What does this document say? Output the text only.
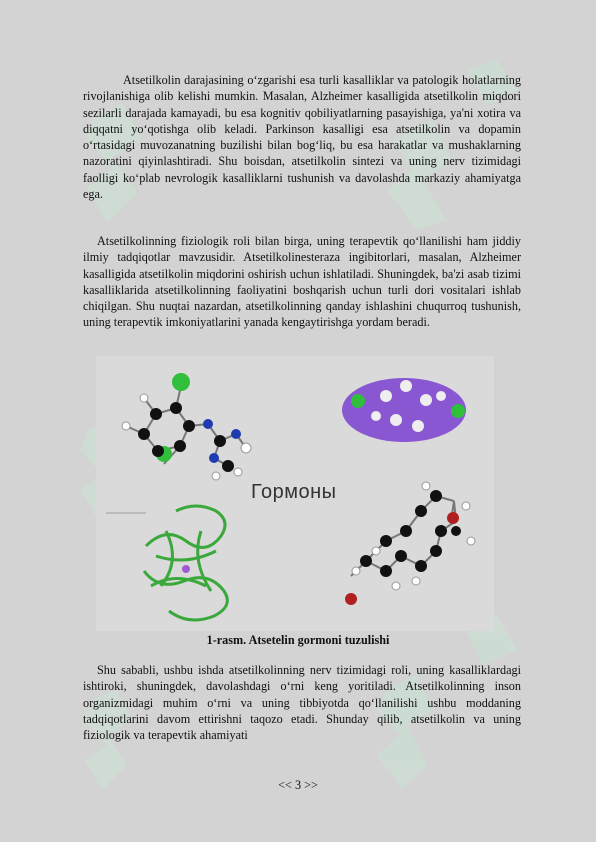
Atsetilkolin darajasining o‘zgarishi esa turli kasalliklar va patologik holatlarning rivojlanishiga olib kelishi mumkin. Masalan, Alzheimer kasalligida atsetilkolin miqdori sezilarli darajada kamayadi, bu esa kognitiv qobiliyatlarning pasayishiga, ya'ni xotira va diqqatni yo‘qotishga olib keladi. Parkinson kasalligi esa atsetilkolin va dopamin o‘rtasidagi muvozanatning buzilishi bilan bog‘liq, bu esa harakatlar va mushaklarning nazoratini qiyinlashtiradi. Shu boisdan, atsetilkolin sintezi va uning nerv tizimidagi faolligi ko‘plab nevrologik kasalliklarni tushunish va davolashda markaziy ahamiyatga ega.

Atsetilkolinning fiziologik roli bilan birga, uning terapevtik qo‘llanilishi ham jiddiy ilmiy tadqiqotlar mavzusidir. Atsetilkolinesteraza ingibitorlari, masalan, Alzheimer kasalligida atsetilkolin miqdorini oshirish uchun ishlatiladi. Shuningdek, ba'zi asab tizimi kasalliklarida atsetilkolinning faoliyatini boshqarish uchun turli dori vositalari ishlab chiqilgan. Shu nuqtai nazardan, atsetilkolinning qanday ishlashini chuqurroq tushunish, uning terapevtik imkoniyatlarini yanada kengaytirishga yordam beradi.

Гормоны
1-rasm. Atsetelin gormoni tuzulishi

Shu sababli, ushbu ishda atsetilkolinning nerv tizimidagi roli, uning kasalliklardagi ishtiroki, shuningdek, davolashdagi o‘rni keng yoritiladi. Atsetilkolinning inson organizmidagi muhim o‘rni va uning tibbiyotda qo‘llanilishi ushbu moddaning tadqiqotlarini davom ettirishni taqozo etadi. Shunday qilib, atsetilkolin va uning fiziologik va terapevtik ahamiyati

<< 3 >>
